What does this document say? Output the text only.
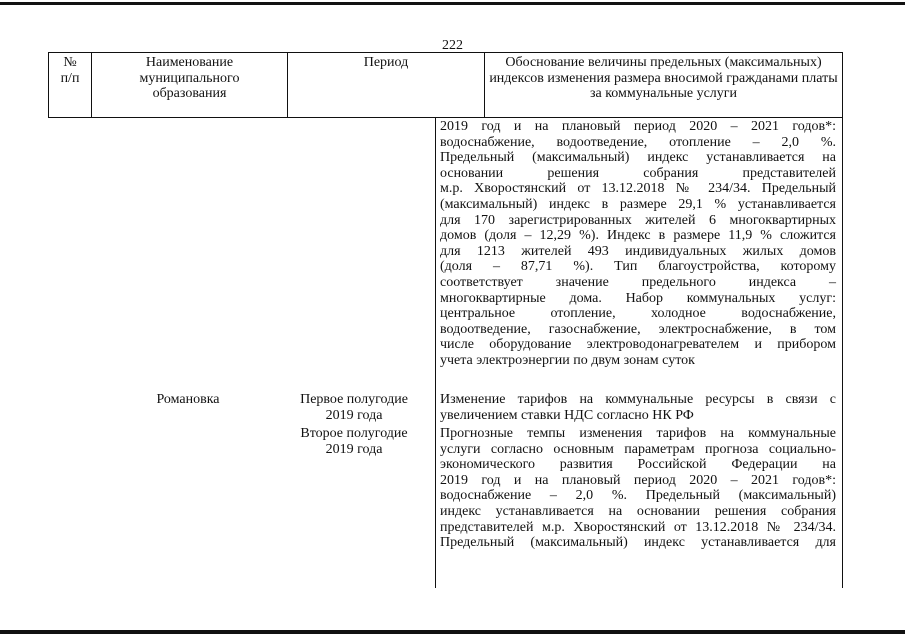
222
№
п/п
Наименование
муниципального
образования
Период	Обоснование величины предельных (максимальных)
индексов изменения размера вносимой гражданами платы
за коммунальные услуги
2019 год и на плановый период 2020 – 2021 годов*:
водоснабжение, водоотведение, отопление – 2,0 %.
Предельный (максимальный) индекс устанавливается на
основании решения собрания представителей
м.р. Хворостянский от 13.12.2018 № 234/34. Предельный
(максимальный) индекс в размере 29,1 % устанавливается
для 170 зарегистрированных жителей 6 многоквартирных
домов (доля – 12,29 %). Индекс в размере 11,9 % сложится
для 1213 жителей 493 индивидуальных жилых домов
(доля – 87,71 %). Тип благоустройства, которому
соответствует значение предельного индекса –
многоквартирные дома. Набор коммунальных услуг:
центральное отопление, холодное водоснабжение,
водоотведение, газоснабжение, электроснабжение, в том
числе оборудование электроводонагревателем и прибором
учета электроэнергии по двум зонам суток
Романовка	Первое полугодие
2019 года
Второе полугодие
2019 года
Изменение тарифов на коммунальные ресурсы в связи с
увеличением ставки НДС согласно НК РФ
Прогнозные темпы изменения тарифов на коммунальные
услуги согласно основным параметрам прогноза социально-
экономического развития Российской Федерации на
2019 год и на плановый период 2020 – 2021 годов*:
водоснабжение – 2,0 %. Предельный (максимальный)
индекс устанавливается на основании решения собрания
представителей м.р. Хворостянский от 13.12.2018 № 234/34.
Предельный (максимальный) индекс устанавливается для
